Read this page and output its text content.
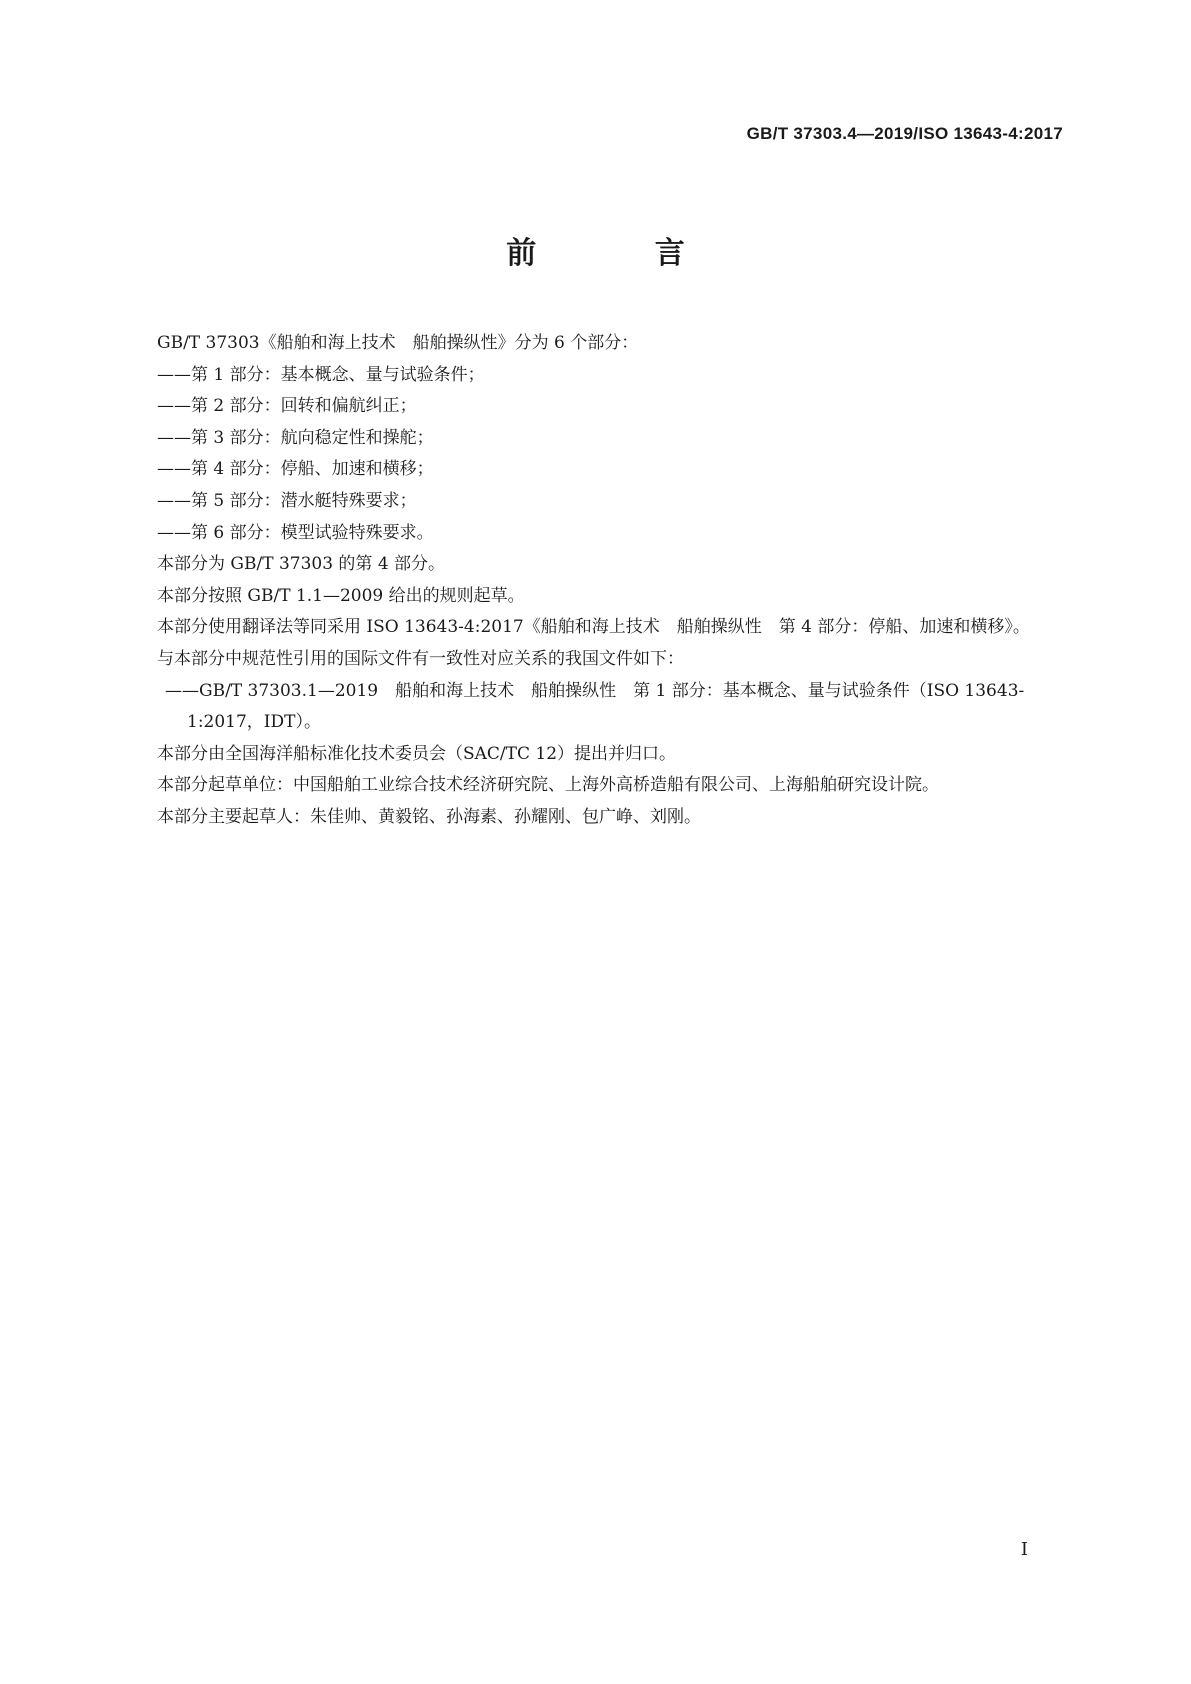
GB/T 37303.4—2019/ISO 13643-4:2017
前 言

GB/T 37303《船舶和海上技术　船舶操纵性》分为 6 个部分：

——第 1 部分：基本概念、量与试验条件；

——第 2 部分：回转和偏航纠正；

——第 3 部分：航向稳定性和操舵；

——第 4 部分：停船、加速和横移；

——第 5 部分：潜水艇特殊要求；

——第 6 部分：模型试验特殊要求。

本部分为 GB/T 37303 的第 4 部分。

本部分按照 GB/T 1.1—2009 给出的规则起草。

本部分使用翻译法等同采用 ISO 13643-4:2017《船舶和海上技术　船舶操纵性　第 4 部分：停船、加速和横移》。

与本部分中规范性引用的国际文件有一致性对应关系的我国文件如下：

——GB/T 37303.1—2019　船舶和海上技术　船舶操纵性　第 1 部分：基本概念、量与试验条件（ISO 13643-1:2017，IDT）。

本部分由全国海洋船标准化技术委员会（SAC/TC 12）提出并归口。

本部分起草单位：中国船舶工业综合技术经济研究院、上海外高桥造船有限公司、上海船舶研究设计院。

本部分主要起草人：朱佳帅、黄毅铭、孙海素、孙耀刚、包广峥、刘刚。

I
